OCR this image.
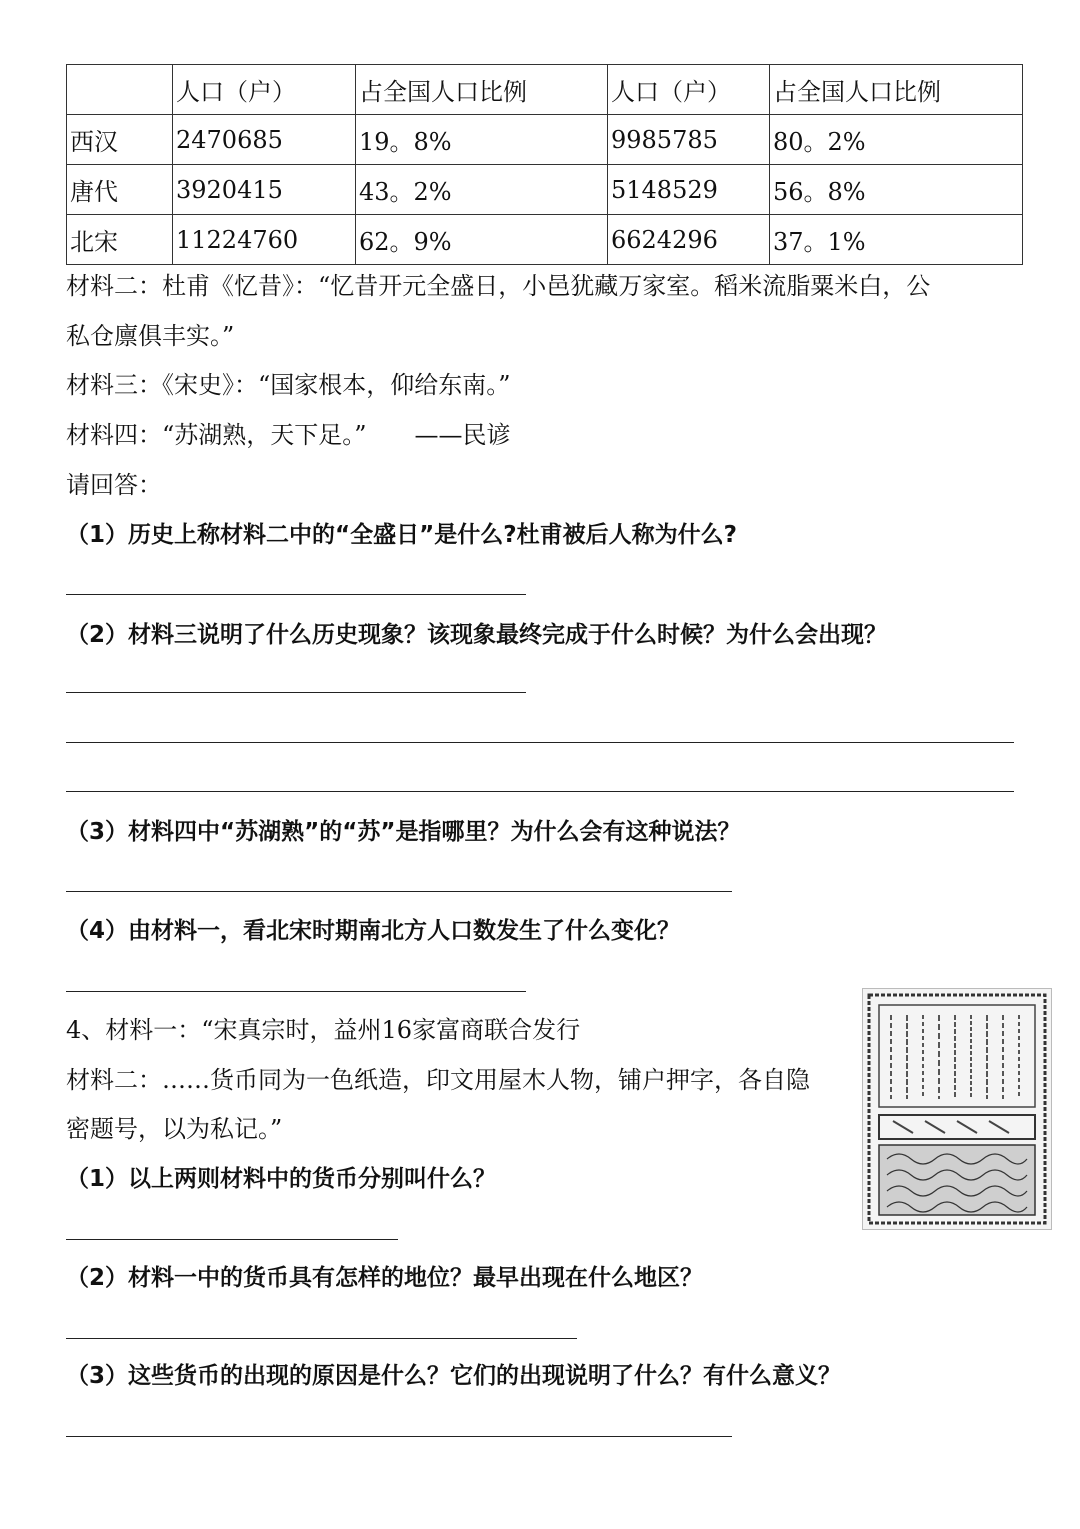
	人口（户）	占全国人口比例	人口（户）	占全国人口比例
西汉	2470685	19。8%	9985785	80。2%
唐代	3920415	43。2%	5148529	56。8%
北宋	11224760	62。9%	6624296	37。1%
材料二：杜甫《忆昔》：“忆昔开元全盛日，小邑犹藏万家室。稻米流脂粟米白，公
私仓廪俱丰实。”
材料三：《宋史》：“国家根本，仰给东南。”
材料四：“苏湖熟，天下足。”　　——民谚
请回答：
（1）历史上称材料二中的“全盛日”是什么?杜甫被后人称为什么?
（2）材料三说明了什么历史现象？该现象最终完成于什么时候？为什么会出现？
（3）材料四中“苏湖熟”的“苏”是指哪里？为什么会有这种说法？
（4）由材料一，看北宋时期南北方人口数发生了什么变化？
4、材料一：“宋真宗时，益州16家富商联合发行
材料二：……货币同为一色纸造，印文用屋木人物，铺户押字，各自隐
密题号，以为私记。”
（1）以上两则材料中的货币分别叫什么？
（2）材料一中的货币具有怎样的地位？最早出现在什么地区？
（3）这些货币的出现的原因是什么？它们的出现说明了什么？有什么意义？
